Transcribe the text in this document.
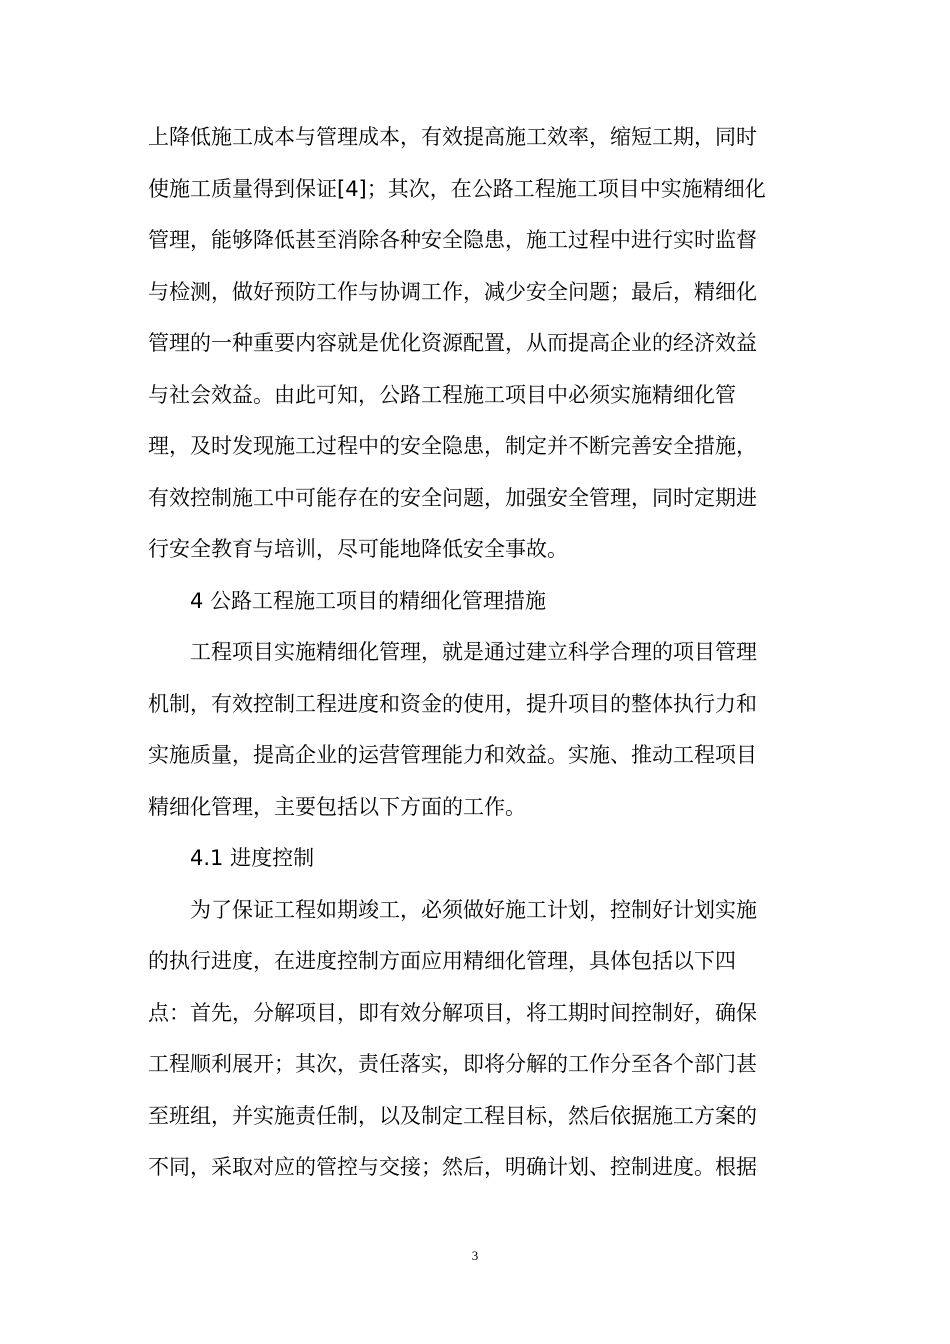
上降低施工成本与管理成本，有效提高施工效率，缩短工期，同时
使施工质量得到保证[4]；其次，在公路工程施工项目中实施精细化
管理，能够降低甚至消除各种安全隐患，施工过程中进行实时监督
与检测，做好预防工作与协调工作，减少安全问题；最后，精细化
管理的一种重要内容就是优化资源配置，从而提高企业的经济效益
与社会效益。由此可知，公路工程施工项目中必须实施精细化管
理，及时发现施工过程中的安全隐患，制定并不断完善安全措施，
有效控制施工中可能存在的安全问题，加强安全管理，同时定期进
行安全教育与培训，尽可能地降低安全事故。
4 公路工程施工项目的精细化管理措施
工程项目实施精细化管理，就是通过建立科学合理的项目管理
机制，有效控制工程进度和资金的使用，提升项目的整体执行力和
实施质量，提高企业的运营管理能力和效益。实施、推动工程项目
精细化管理，主要包括以下方面的工作。
4.1 进度控制
为了保证工程如期竣工，必须做好施工计划，控制好计划实施
的执行进度，在进度控制方面应用精细化管理，具体包括以下四
点：首先，分解项目，即有效分解项目，将工期时间控制好，确保
工程顺利展开；其次，责任落实，即将分解的工作分至各个部门甚
至班组，并实施责任制，以及制定工程目标，然后依据施工方案的
不同，采取对应的管控与交接；然后，明确计划、控制进度。根据
3
